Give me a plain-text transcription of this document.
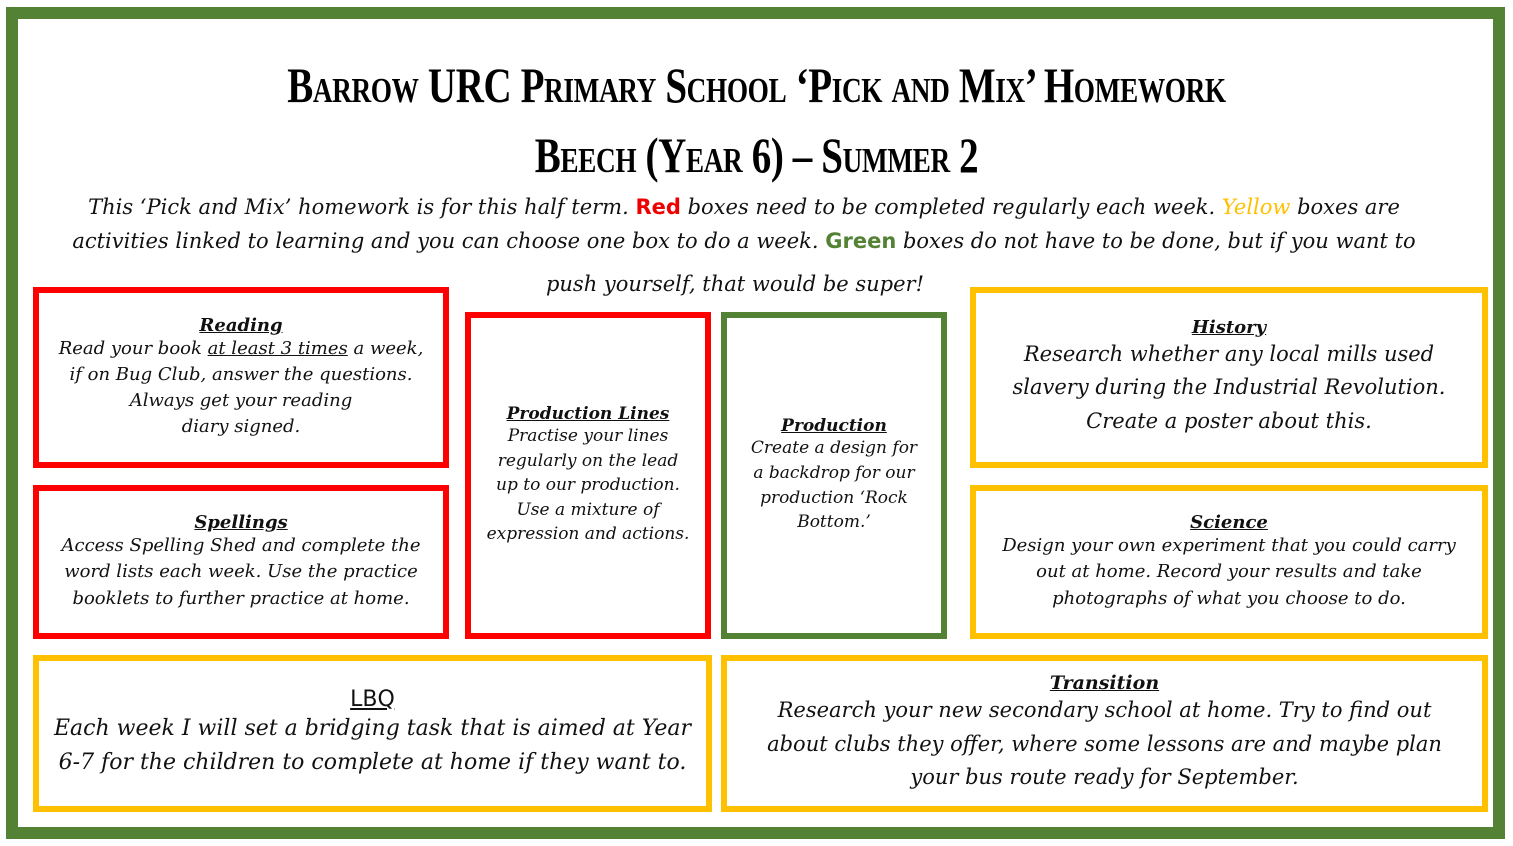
Barrow URC Primary School ‘Pick and Mix’ Homework
Beech (Year 6) – Summer 2
This ‘Pick and Mix’ homework is for this half term. Red boxes need to be completed regularly each week. Yellow boxes are
activities linked to learning and you can choose one box to do a week. Green boxes do not have to be done, but if you want to
push yourself, that would be super!
Reading
Read your book at least 3 times a week,
if on Bug Club, answer the questions.
Always get your reading
diary signed.
Spellings
Access Spelling Shed and complete the
word lists each week. Use the practice
booklets to further practice at home.
Production Lines
Practise your lines
regularly on the lead
up to our production.
Use a mixture of
expression and actions.
Production
Create a design for
a backdrop for our
production ‘Rock
Bottom.’
History
Research whether any local mills used
slavery during the Industrial Revolution.
Create a poster about this.
Science
Design your own experiment that you could carry
out at home. Record your results and take
photographs of what you choose to do.
LBQ
Each week I will set a bridging task that is aimed at Year
6-7 for the children to complete at home if they want to.
Transition
Research your new secondary school at home. Try to find out
about clubs they offer, where some lessons are and maybe plan
your bus route ready for September.
